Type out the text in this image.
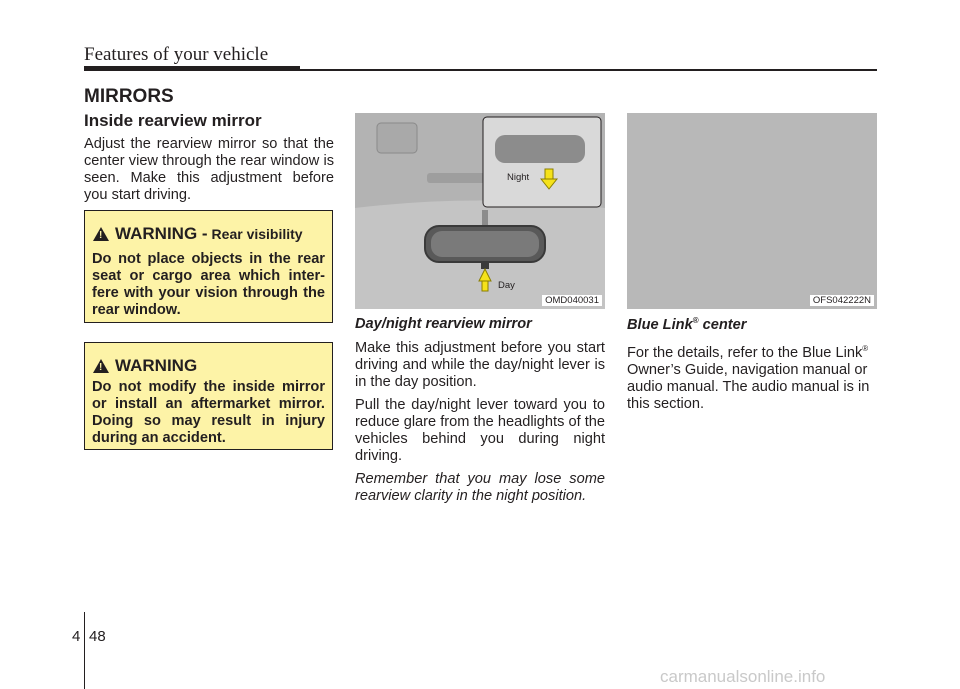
Features of your vehicle
MIRRORS
Inside rearview mirror
Adjust the rearview mirror so that the center view through the rear window is seen. Make this adjustment before you start driving.
! WARNING - Rear visibility
Do not place objects in the rear seat or cargo area which inter-fere with your vision through the rear window.
! WARNING
Do not modify the inside mirror or install an aftermarket mirror. Doing so may result in injury during an accident.
Night
Day
OMD040031	OFS042222N
Day/night rearview mirror	Blue Link® center

Make this adjustment before you start driving and while the day/night lever is in the day position.

Pull the day/night lever toward you to reduce glare from the headlights of the vehicles behind you during night driving.

Remember that you may lose some rearview clarity in the night position.

For the details, refer to the Blue Link® Owner’s Guide, navigation manual or audio manual. The audio manual is in this section.
4 48
carmanualsonline.info
